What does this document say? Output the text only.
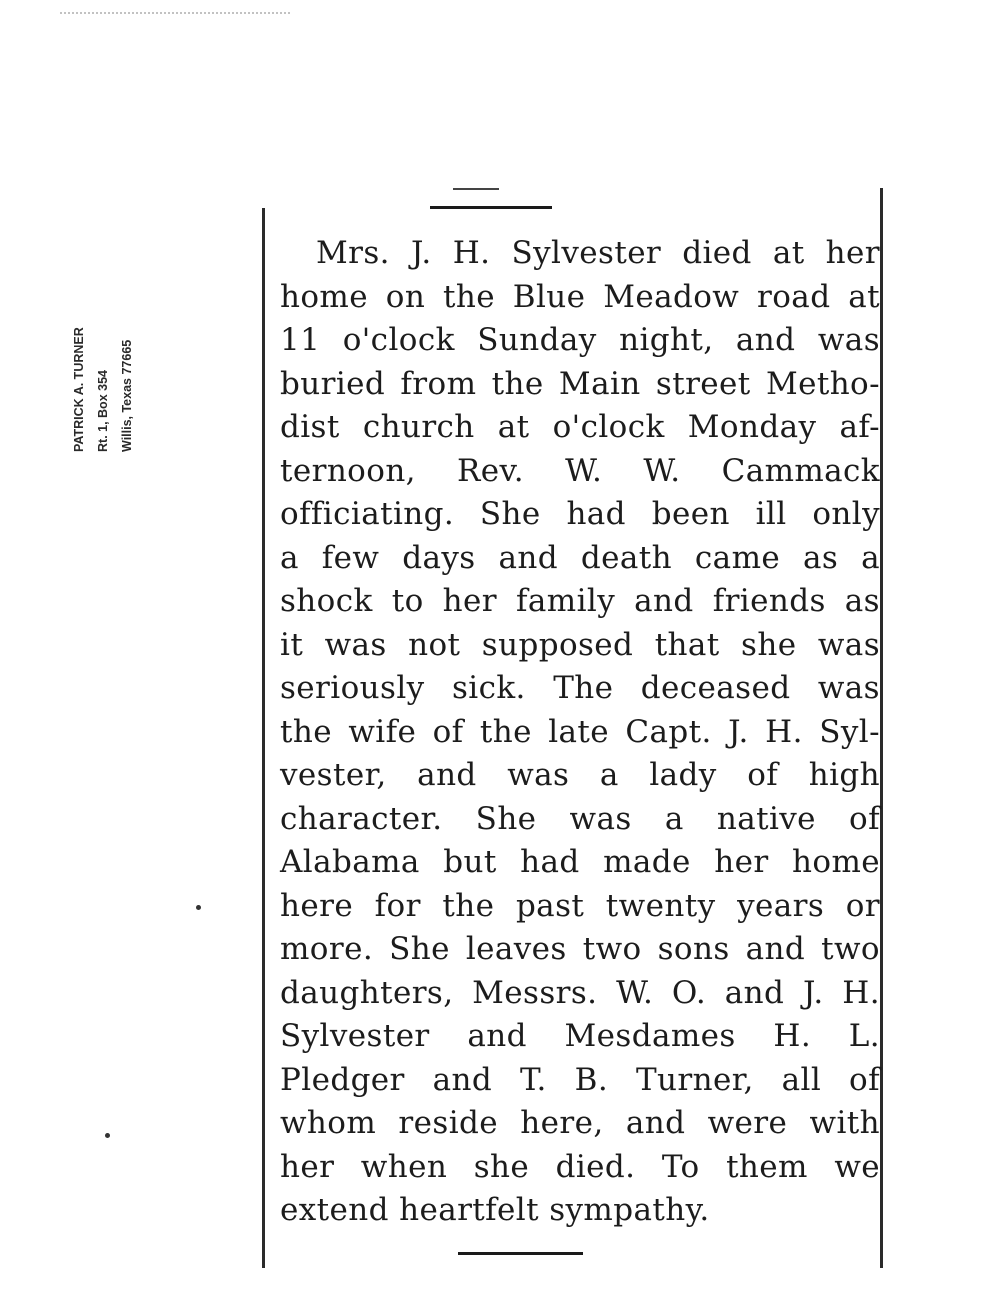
PATRICK A. TURNER Rt. 1, Box 354 Willis, Texas 77665
Mrs. J. H. Sylvester died at her
home on the Blue Meadow road at
11 o'clock Sunday night, and was
buried from the Main street Metho-
dist church at o'clock Monday af-
ternoon, Rev. W. W. Cammack
officiating. She had been ill only
a few days and death came as a
shock to her family and friends as
it was not supposed that she was
seriously sick. The deceased was
the wife of the late Capt. J. H. Syl-
vester, and was a lady of high
character. She was a native of
Alabama but had made her home
here for the past twenty years or
more. She leaves two sons and two
daughters, Messrs. W. O. and J. H.
Sylvester and Mesdames H. L.
Pledger and T. B. Turner, all of
whom reside here, and were with
her when she died. To them we
extend heartfelt sympathy.
